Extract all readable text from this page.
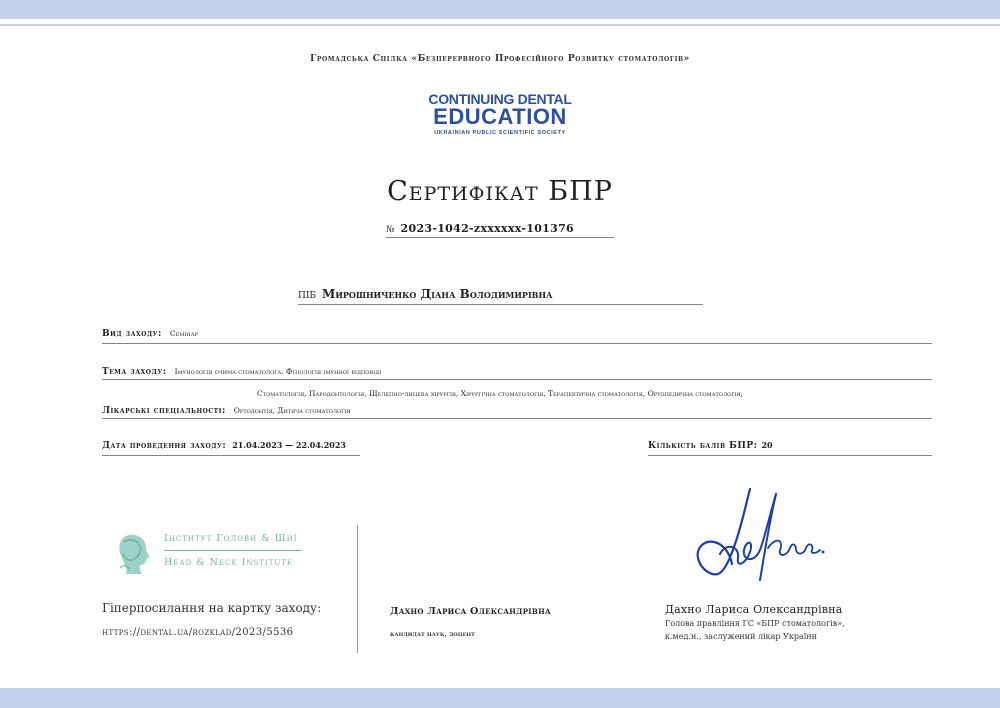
Громадська Спілка «Безперервного Професійного Розвитку стоматологів»
CONTINUING DENTAL
EDUCATION
UKRAINIAN PUBLIC SCIENTIFIC SOCIETY
Сертифікат БПР
№ 2023-1042-zxxxxxx-101376
ПІБ Мирошниченко Діана Володимирівна
Вид заходу: Семінар
Тема заходу: Імунологія очима стоматолога. Фізіологія імунної відповіді
Стоматологія, Пародонтологія, Щелепно-лицева хірургія, Хірургічна стоматологія, Терапевтична стоматологія, Ортопедична стоматологія,
Лікарські спеціальності: Ортодонтія, Дитяча стоматологія
Дата проведення заходу: 21.04.2023 — 22.04.2023	Кількість балів БПР: 20
Інститут Голови & Шиї
Head & Neck Institute
Гіперпосилання на картку заходу:
https://dental.ua/rozklad/2023/5536
Дахно Лариса Олександрівна
кандидат наук, доцент
Дахно Лариса Олександрівна
Голова правління ГС «БПР стоматологів»,
к.мед.н., заслужений лікар України
